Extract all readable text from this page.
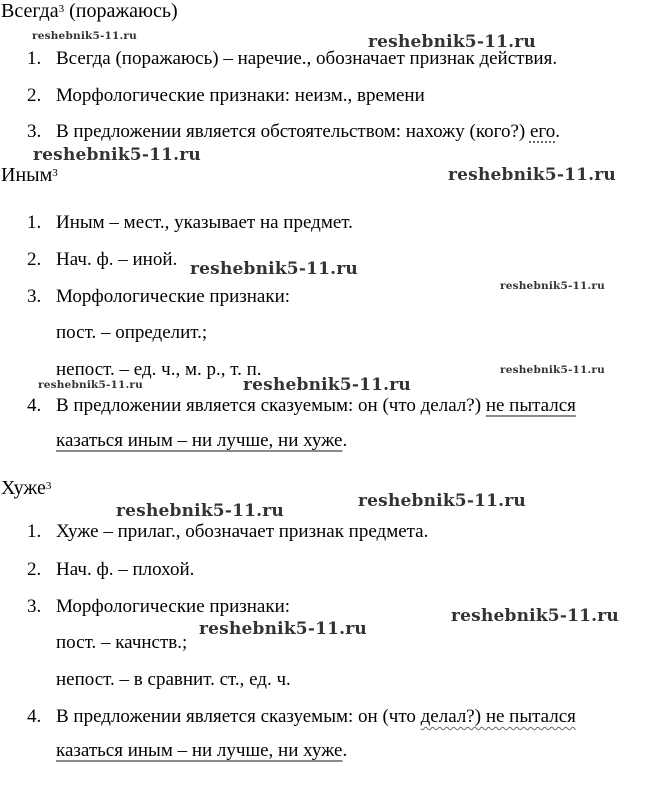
Всегда$^3$ (поражаюсь)
1. Всегда (поражаюсь) – наречие., обозначает признак действия.
2. Морфологические признаки: неизм., времени
3. В предложении является обстоятельством: нахожу (кого?) его.
Иным$^3$
1. Иным – мест., указывает на предмет.
2. Нач. ф. – иной.
3. Морфологические признаки:
пост. – определит.;
непост. – ед. ч., м. р., т. п.
4. В предложении является сказуемым: он (что делал?) не пытался
казаться иным – ни лучше, ни хуже.
Хуже$^3$
1. Хуже – прилаг., обозначает признак предмета.
2. Нач. ф. – плохой.
3. Морфологические признаки:
пост. – качнств.;
непост. – в сравнит. ст., ед. ч.
4. В предложении является сказуемым: он (что делал?) не пытался
казаться иным – ни лучше, ни хуже.
reshebnik5-11.ru	reshebnik5-11.ru
reshebnik5-11.ru
reshebnik5-11.ru
reshebnik5-11.ru
reshebnik5-11.ru
reshebnik5-11.ru
reshebnik5-11.ru	reshebnik5-11.ru
reshebnik5-11.ru
reshebnik5-11.ru
reshebnik5-11.ru
reshebnik5-11.ru
